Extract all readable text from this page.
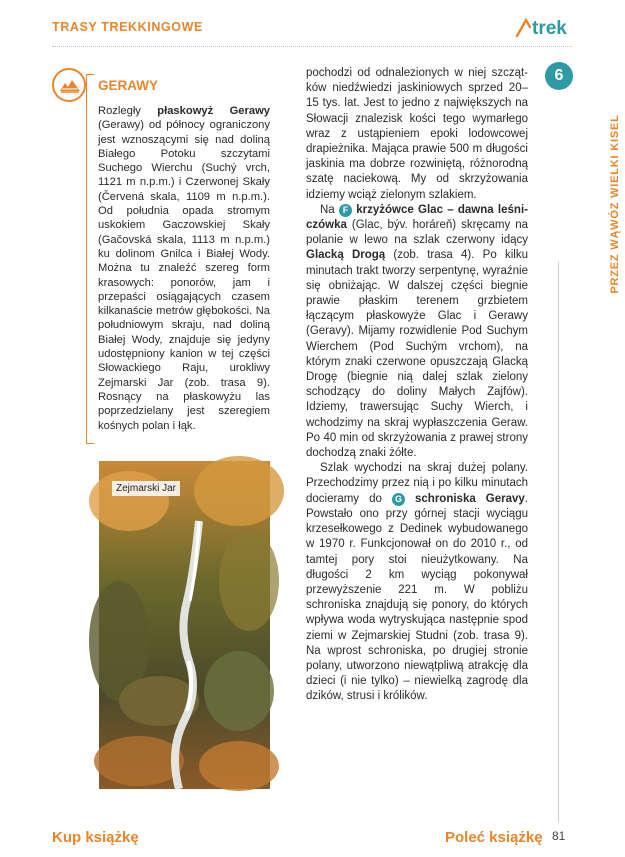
TRASY TREKKINGOWE	trek
6
PRZEZ WĄWÓZ WIELKI KISEL
GERAWY
Rozległy płaskowyż Gerawy (Gerawy) od północy ograniczony jest wznoszącymi się nad doliną Białego Potoku szczytami Suchego Wierchu (Suchý vrch, 1121 m n.p.m.) i Czerwonej Skały (Červená skala, 1109 m n.p.m.). Od południa opada stromym uskokiem Gaczowskiej Skały (Gačovská skala, 1113 m n.p.m.) ku dolinom Gnilca i Białej Wody. Można tu znaleźć szereg form krasowych: ponorów, jam i przepaści osiągających czasem kilkanaście metrów głębokości. Na południowym skraju, nad doliną Białej Wody, znajduje się jedyny udostępniony kanion w tej części Słowackiego Raju, urokliwy Zejmarski Jar (zob. trasa 9). Rosnący na płaskowyżu las poprzedzielany jest szeregiem kośnych polan i łąk.
Zejmarski Jar

pochodzi od odnalezionych w niej szczątków niedźwiedzi jaskiniowych sprzed 20–15 tys. lat. Jest to jedno z największych na Słowacji znalezisk kości tego wymarłego wraz z ustąpieniem epoki lodowcowej drapieżnika. Mająca prawie 500 m długości jaskinia ma dobrze rozwiniętą, różnorodną szatę naciekową. My od skrzyżowania idziemy wciąż zielonym szlakiem.

Na F krzyżówce Glac – dawna leśniczówka (Glac, býv. horáreň) skręcamy na polanie w lewo na szlak czerwony idący Glacką Drogą (zob. trasa 4). Po kilku minutach trakt tworzy serpentynę, wyraźnie się obniżając. W dalszej części biegnie prawie płaskim terenem grzbietem łączącym płaskowyże Glac i Gerawy (Geravy). Mijamy rozwidlenie Pod Suchym Wierchem (Pod Suchým vrchom), na którym znaki czerwone opuszczają Glacką Drogę (biegnie nią dalej szlak zielony schodzący do doliny Małych Zajfów). Idziemy, trawersując Suchy Wierch, i wchodzimy na skraj wypłaszczenia Geraw. Po 40 min od skrzyżowania z prawej strony dochodzą znaki żółte.

Szlak wychodzi na skraj dużej polany. Przechodzimy przez nią i po kilku minutach docieramy do G schroniska Geravy. Powstało ono przy górnej stacji wyciągu krzesełkowego z Dedinek wybudowanego w 1970 r. Funkcjonował on do 2010 r., od tamtej pory stoi nieużytkowany. Na długości 2 km wyciąg pokonywał przewyższenie 221 m. W pobliżu schroniska znajdują się ponory, do których wpływa woda wytryskująca następnie spod ziemi w Zejmarskiej Studni (zob. trasa 9). Na wprost schroniska, po drugiej stronie polany, utworzono niewątpliwą atrakcję dla dzieci (i nie tylko) – niewielką zagrodę dla dzików, strusi i królików.

Kup książkę	Poleć książkę 81
